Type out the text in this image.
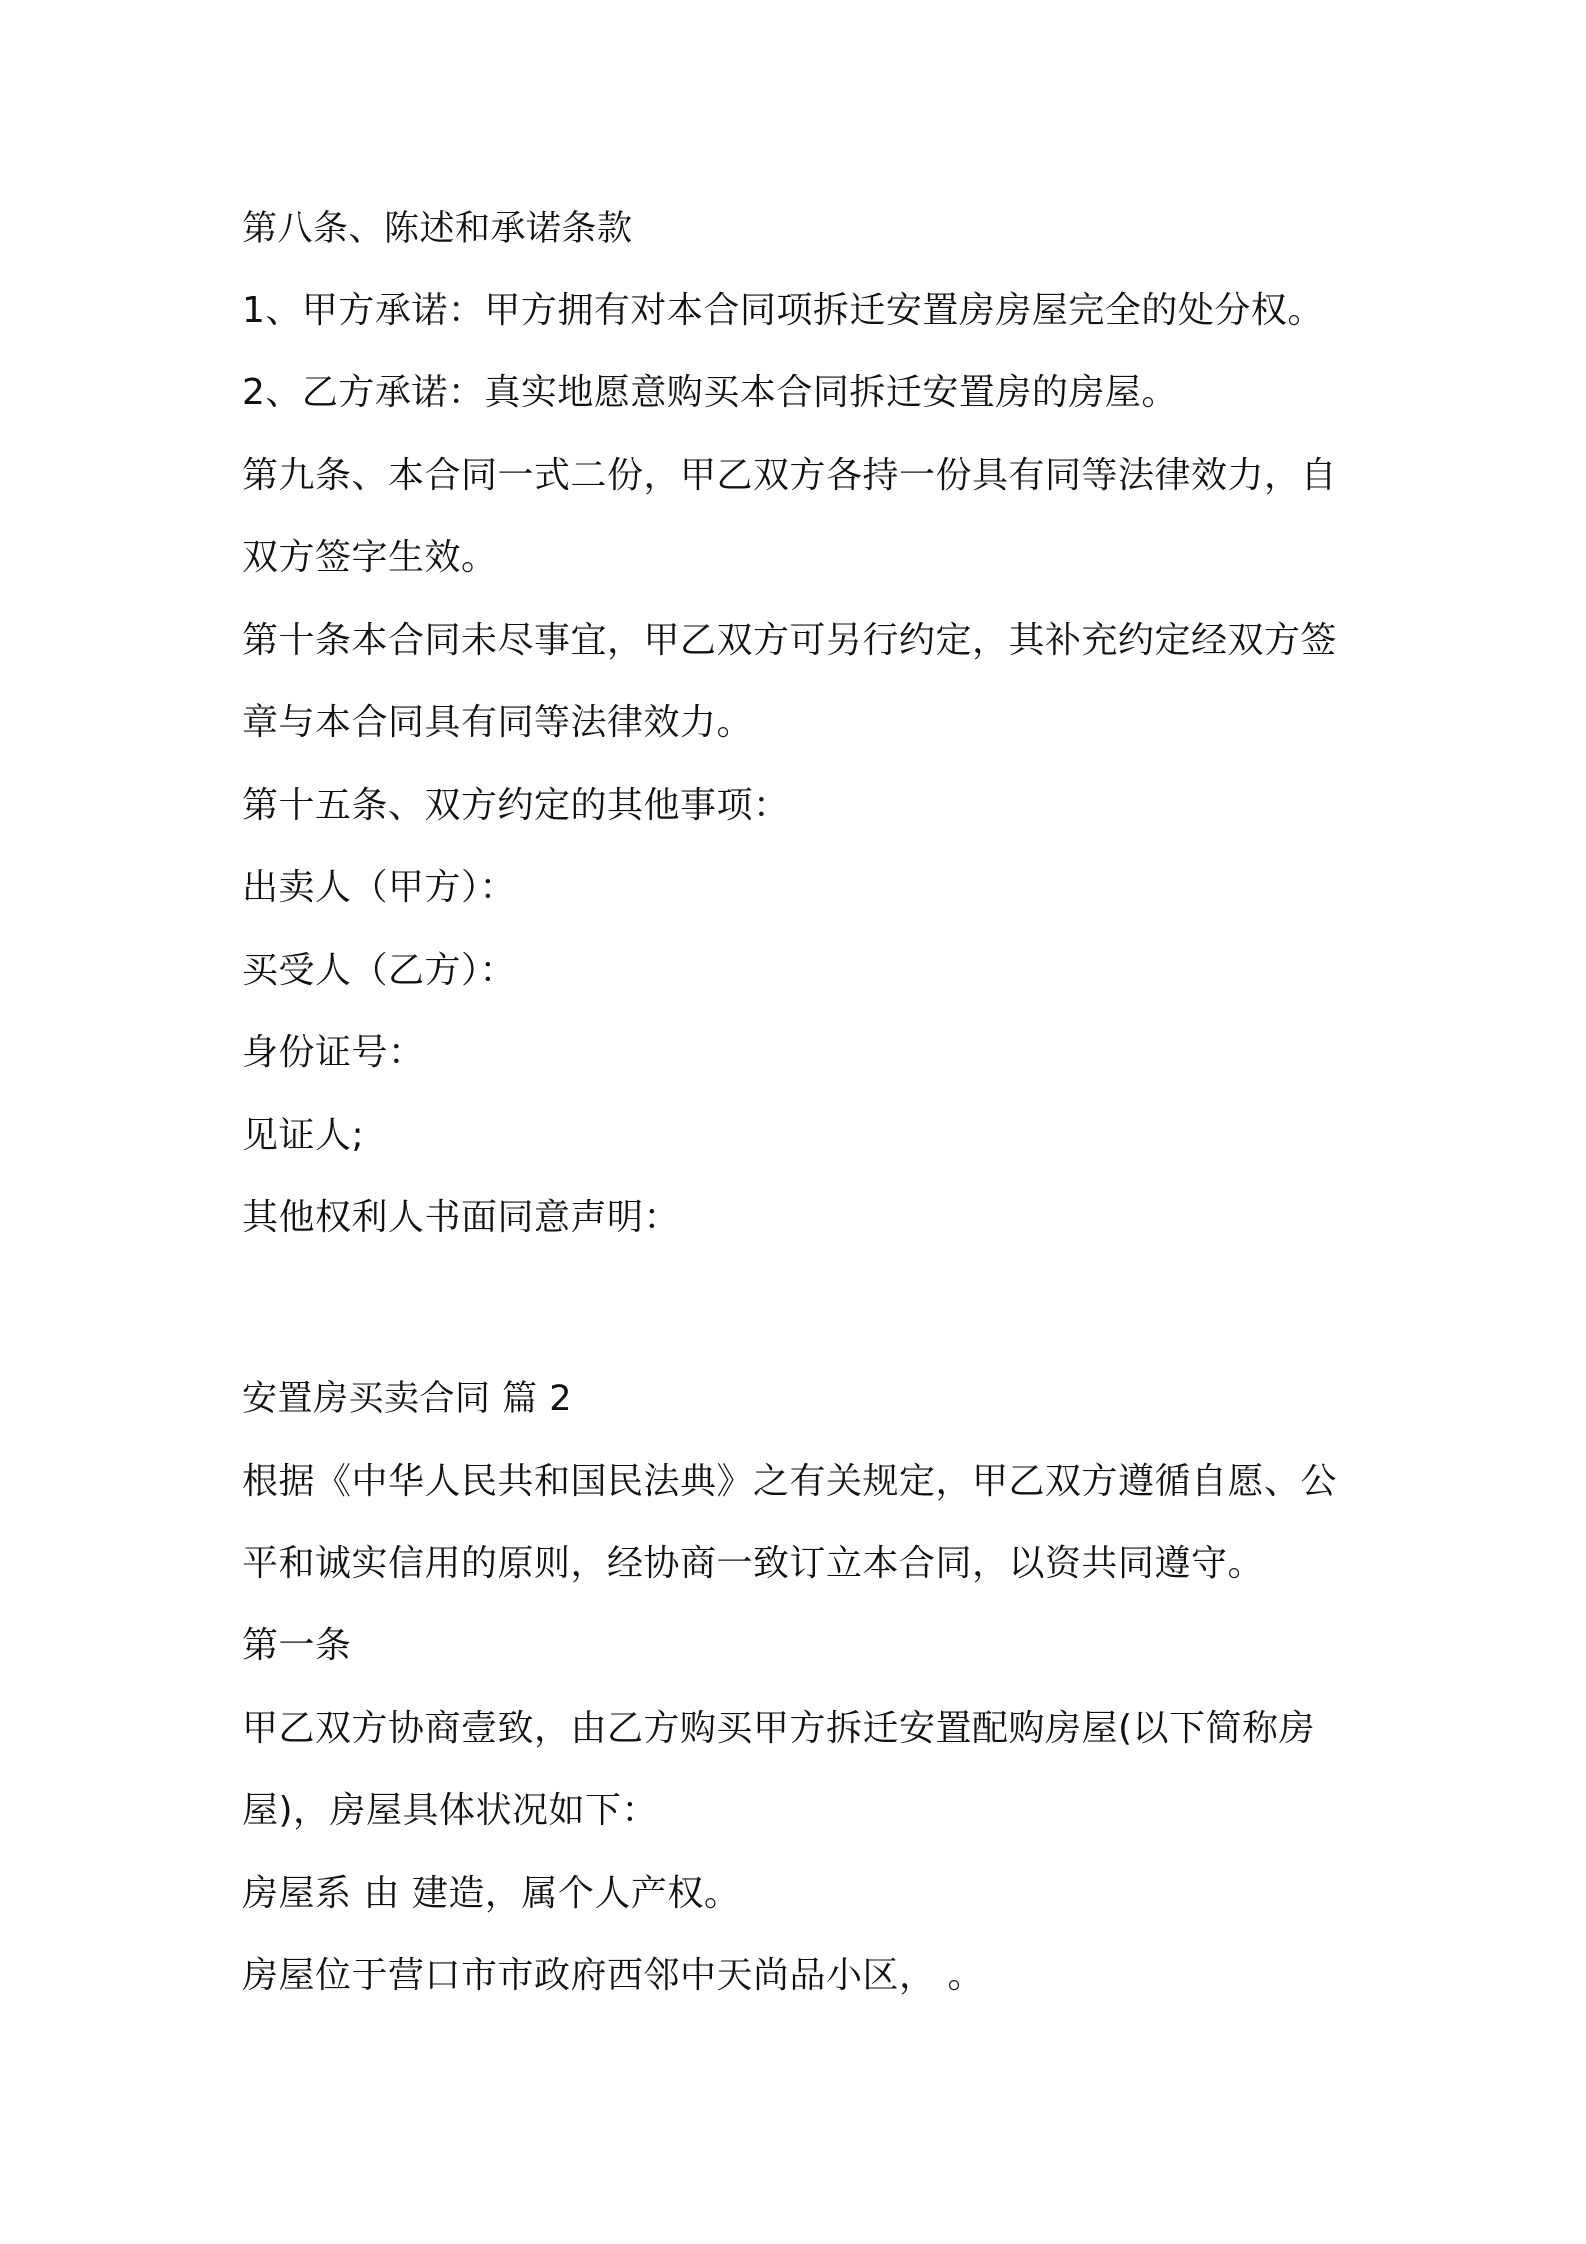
第八条、陈述和承诺条款

1、甲方承诺：甲方拥有对本合同项拆迁安置房房屋完全的处分权。

2、乙方承诺：真实地愿意购买本合同拆迁安置房的房屋。

第九条、本合同一式二份，甲乙双方各持一份具有同等法律效力，自

双方签字生效。

第十条本合同未尽事宜，甲乙双方可另行约定，其补充约定经双方签

章与本合同具有同等法律效力。

第十五条、双方约定的其他事项：

出卖人（甲方）：

买受人（乙方）：

身份证号：

见证人;

其他权利人书面同意声明：

安置房买卖合同 篇 2

根据《中华人民共和国民法典》之有关规定，甲乙双方遵循自愿、公

平和诚实信用的原则，经协商一致订立本合同，以资共同遵守。

第一条

甲乙双方协商壹致，由乙方购买甲方拆迁安置配购房屋(以下简称房

屋)，房屋具体状况如下：

房屋系 由 建造，属个人产权。

房屋位于营口市市政府西邻中天尚品小区， 。
